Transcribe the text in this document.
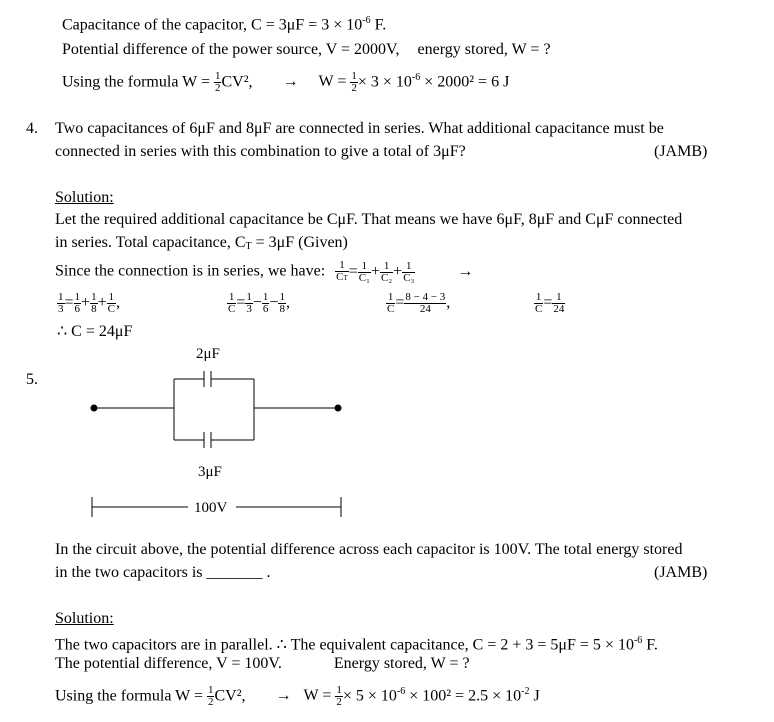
Capacitance of the capacitor, $C = 3\mu F = 3 \times 10^{-6}$ F.
Potential difference of the power source, V = 2000V, energy stored, W = ?
Using the formula $W = \frac{1}{2} CV^2$, → $W = \frac{1}{2} \times 3 \times 10^{-6} \times 2000^2 = 6$ J
4. Two capacitances of 6μF and 8μF are connected in series. What additional capacitance must be
connected in series with this combination to give a total of 3μF?	(JAMB)
Solution:
Let the required additional capacitance be CμF. That means we have 6μF, 8μF and CμF connected
in series. Total capacitance, CT = 3μF (Given)
Since the connection is in series, we have: $\frac{1}{CT} = \frac{1}{\text{C₁}} + \frac{1}{\text{C₂}} + \frac{1}{\text{C₃}}$	→
$\frac{1}{3} = \frac{1}{6} + \frac{1}{8} + \frac{1}{C}$ ,	$\frac{1}{C} = \frac{1}{3} - \frac{1}{6} - \frac{1}{8}$ ,	$\frac{1}{C} = \frac{8 - 4 - 3}{24}$ ,	$\frac{1}{C} = \frac{1}{24}$
∴ C = 24μF
5.
2μF
3μF
100V
In the circuit above, the potential difference across each capacitor is 100V. The total energy stored
in the two capacitors is _______ .	(JAMB)
Solution:
The two capacitors are in parallel. ∴ The equivalent capacitance, $C = 2 + 3 = 5\mu F = 5 \times 10^{-6}$ F.
The potential difference, V = 100V.	Energy stored, W = ?
Using the formula $W = \frac{1}{2} CV^2$, → $W = \frac{1}{2} \times 5 \times 10^{-6} \times 100^2 = 2.5 \times 10^{-2}$ J
